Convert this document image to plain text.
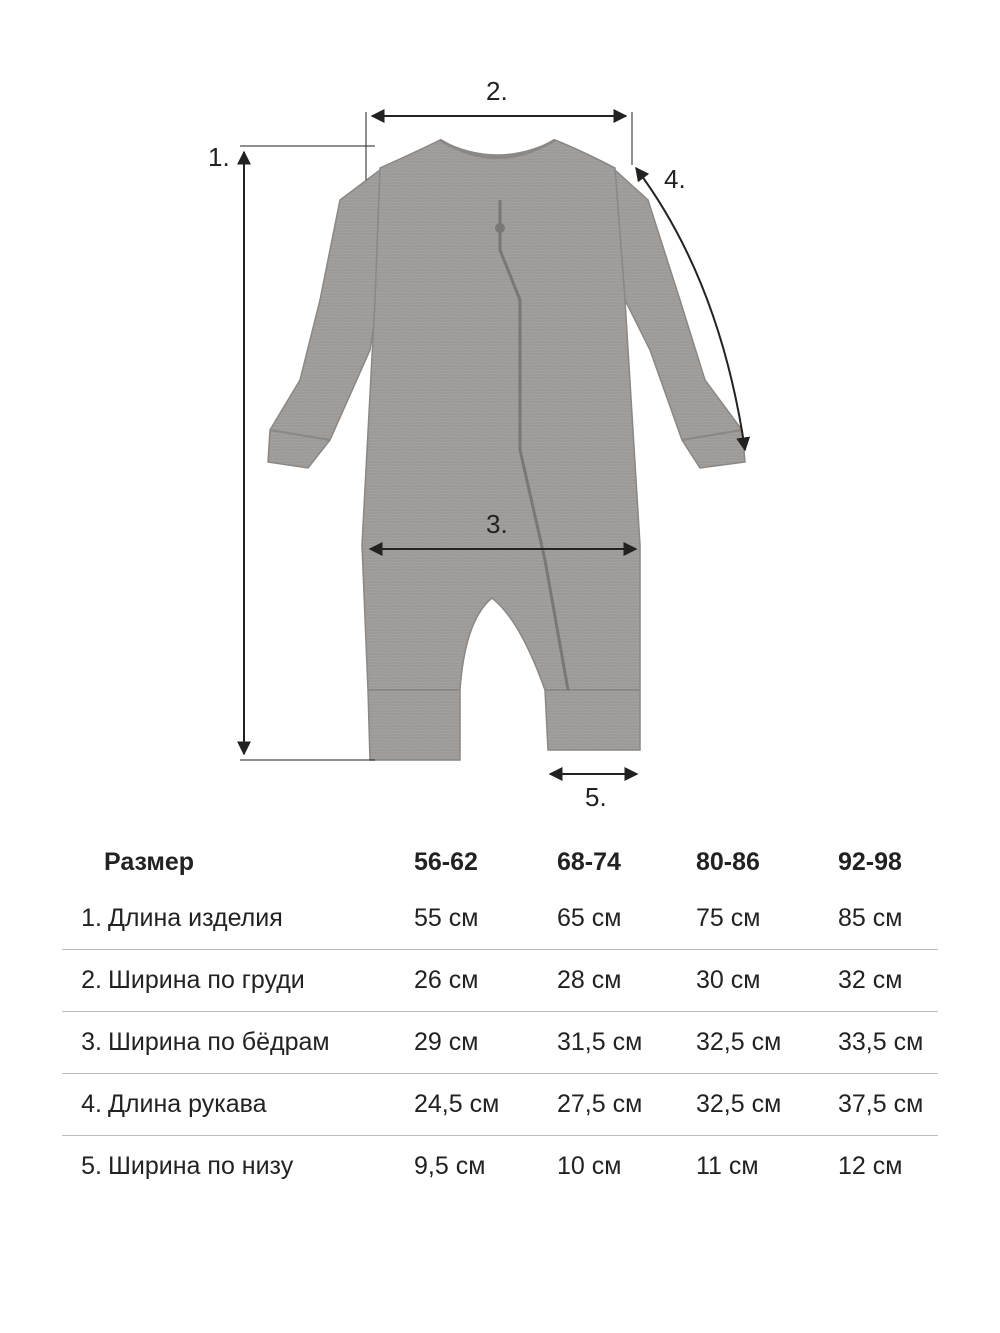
1.
2.
4.
3.
5.
Размер	56-62	68-74	80-86	92-98
1. Длина изделия	55 см	65 см	75 см	85 см
2. Ширина по груди	26 см	28 см	30 см	32 см
3. Ширина по бёдрам	29 см	31,5 см 32,5 см 33,5 см
4. Длина рукава	24,5 см 27,5 см 32,5 см 37,5 см
5. Ширина по низу	9,5 см	10 см	11 см	12 см
